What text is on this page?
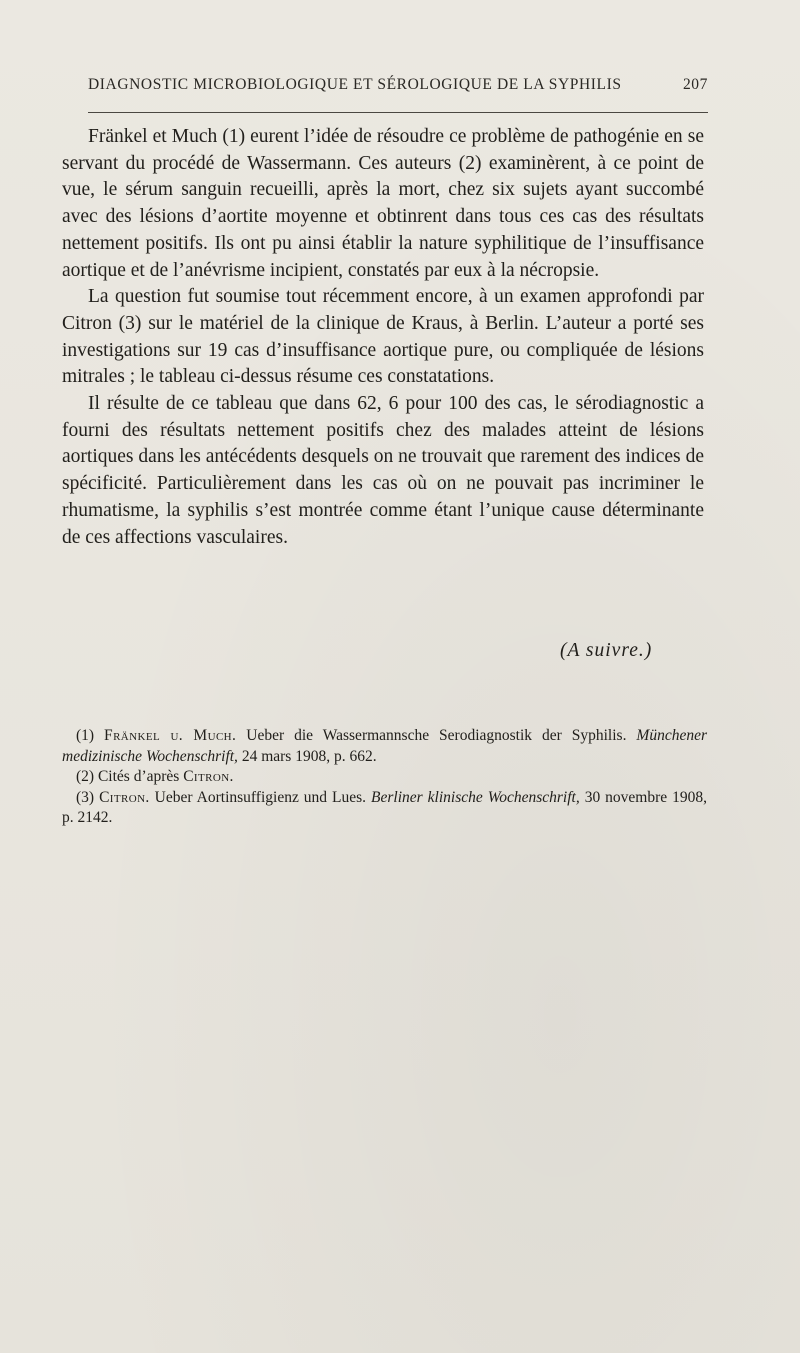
DIAGNOSTIC MICROBIOLOGIQUE ET SÉROLOGIQUE DE LA SYPHILIS	207

Fränkel et Much (1) eurent l’idée de résoudre ce problème de pathogénie en se servant du procédé de Wassermann. Ces auteurs (2) examinèrent, à ce point de vue, le sérum sanguin recueilli, après la mort, chez six sujets ayant succombé avec des lésions d’aortite moyenne et obtinrent dans tous ces cas des résultats nettement positifs. Ils ont pu ainsi établir la nature syphilitique de l’insuffisance aortique et de l’anévrisme incipient, constatés par eux à la nécropsie.

La question fut soumise tout récemment encore, à un examen approfondi par Citron (3) sur le matériel de la clinique de Kraus, à Berlin. L’auteur a porté ses investigations sur 19 cas d’insuffisance aortique pure, ou compliquée de lésions mitrales ; le tableau ci-dessus résume ces constatations.

Il résulte de ce tableau que dans 62, 6 pour 100 des cas, le sérodiagnostic a fourni des résultats nettement positifs chez des malades atteint de lésions aortiques dans les antécédents desquels on ne trouvait que rarement des indices de spécificité. Particulièrement dans les cas où on ne pouvait pas incriminer le rhumatisme, la syphilis s’est montrée comme étant l’unique cause déterminante de ces affections vasculaires.

(A suivre.)

(1) Fränkel u. Much. Ueber die Wassermannsche Serodiagnostik der Syphilis. Münchener medizinische Wochenschrift, 24 mars 1908, p. 662.

(2) Cités d’après Citron.

(3) Citron. Ueber Aortinsuffigienz und Lues. Berliner klinische Wochenschrift, 30 novembre 1908, p. 2142.
